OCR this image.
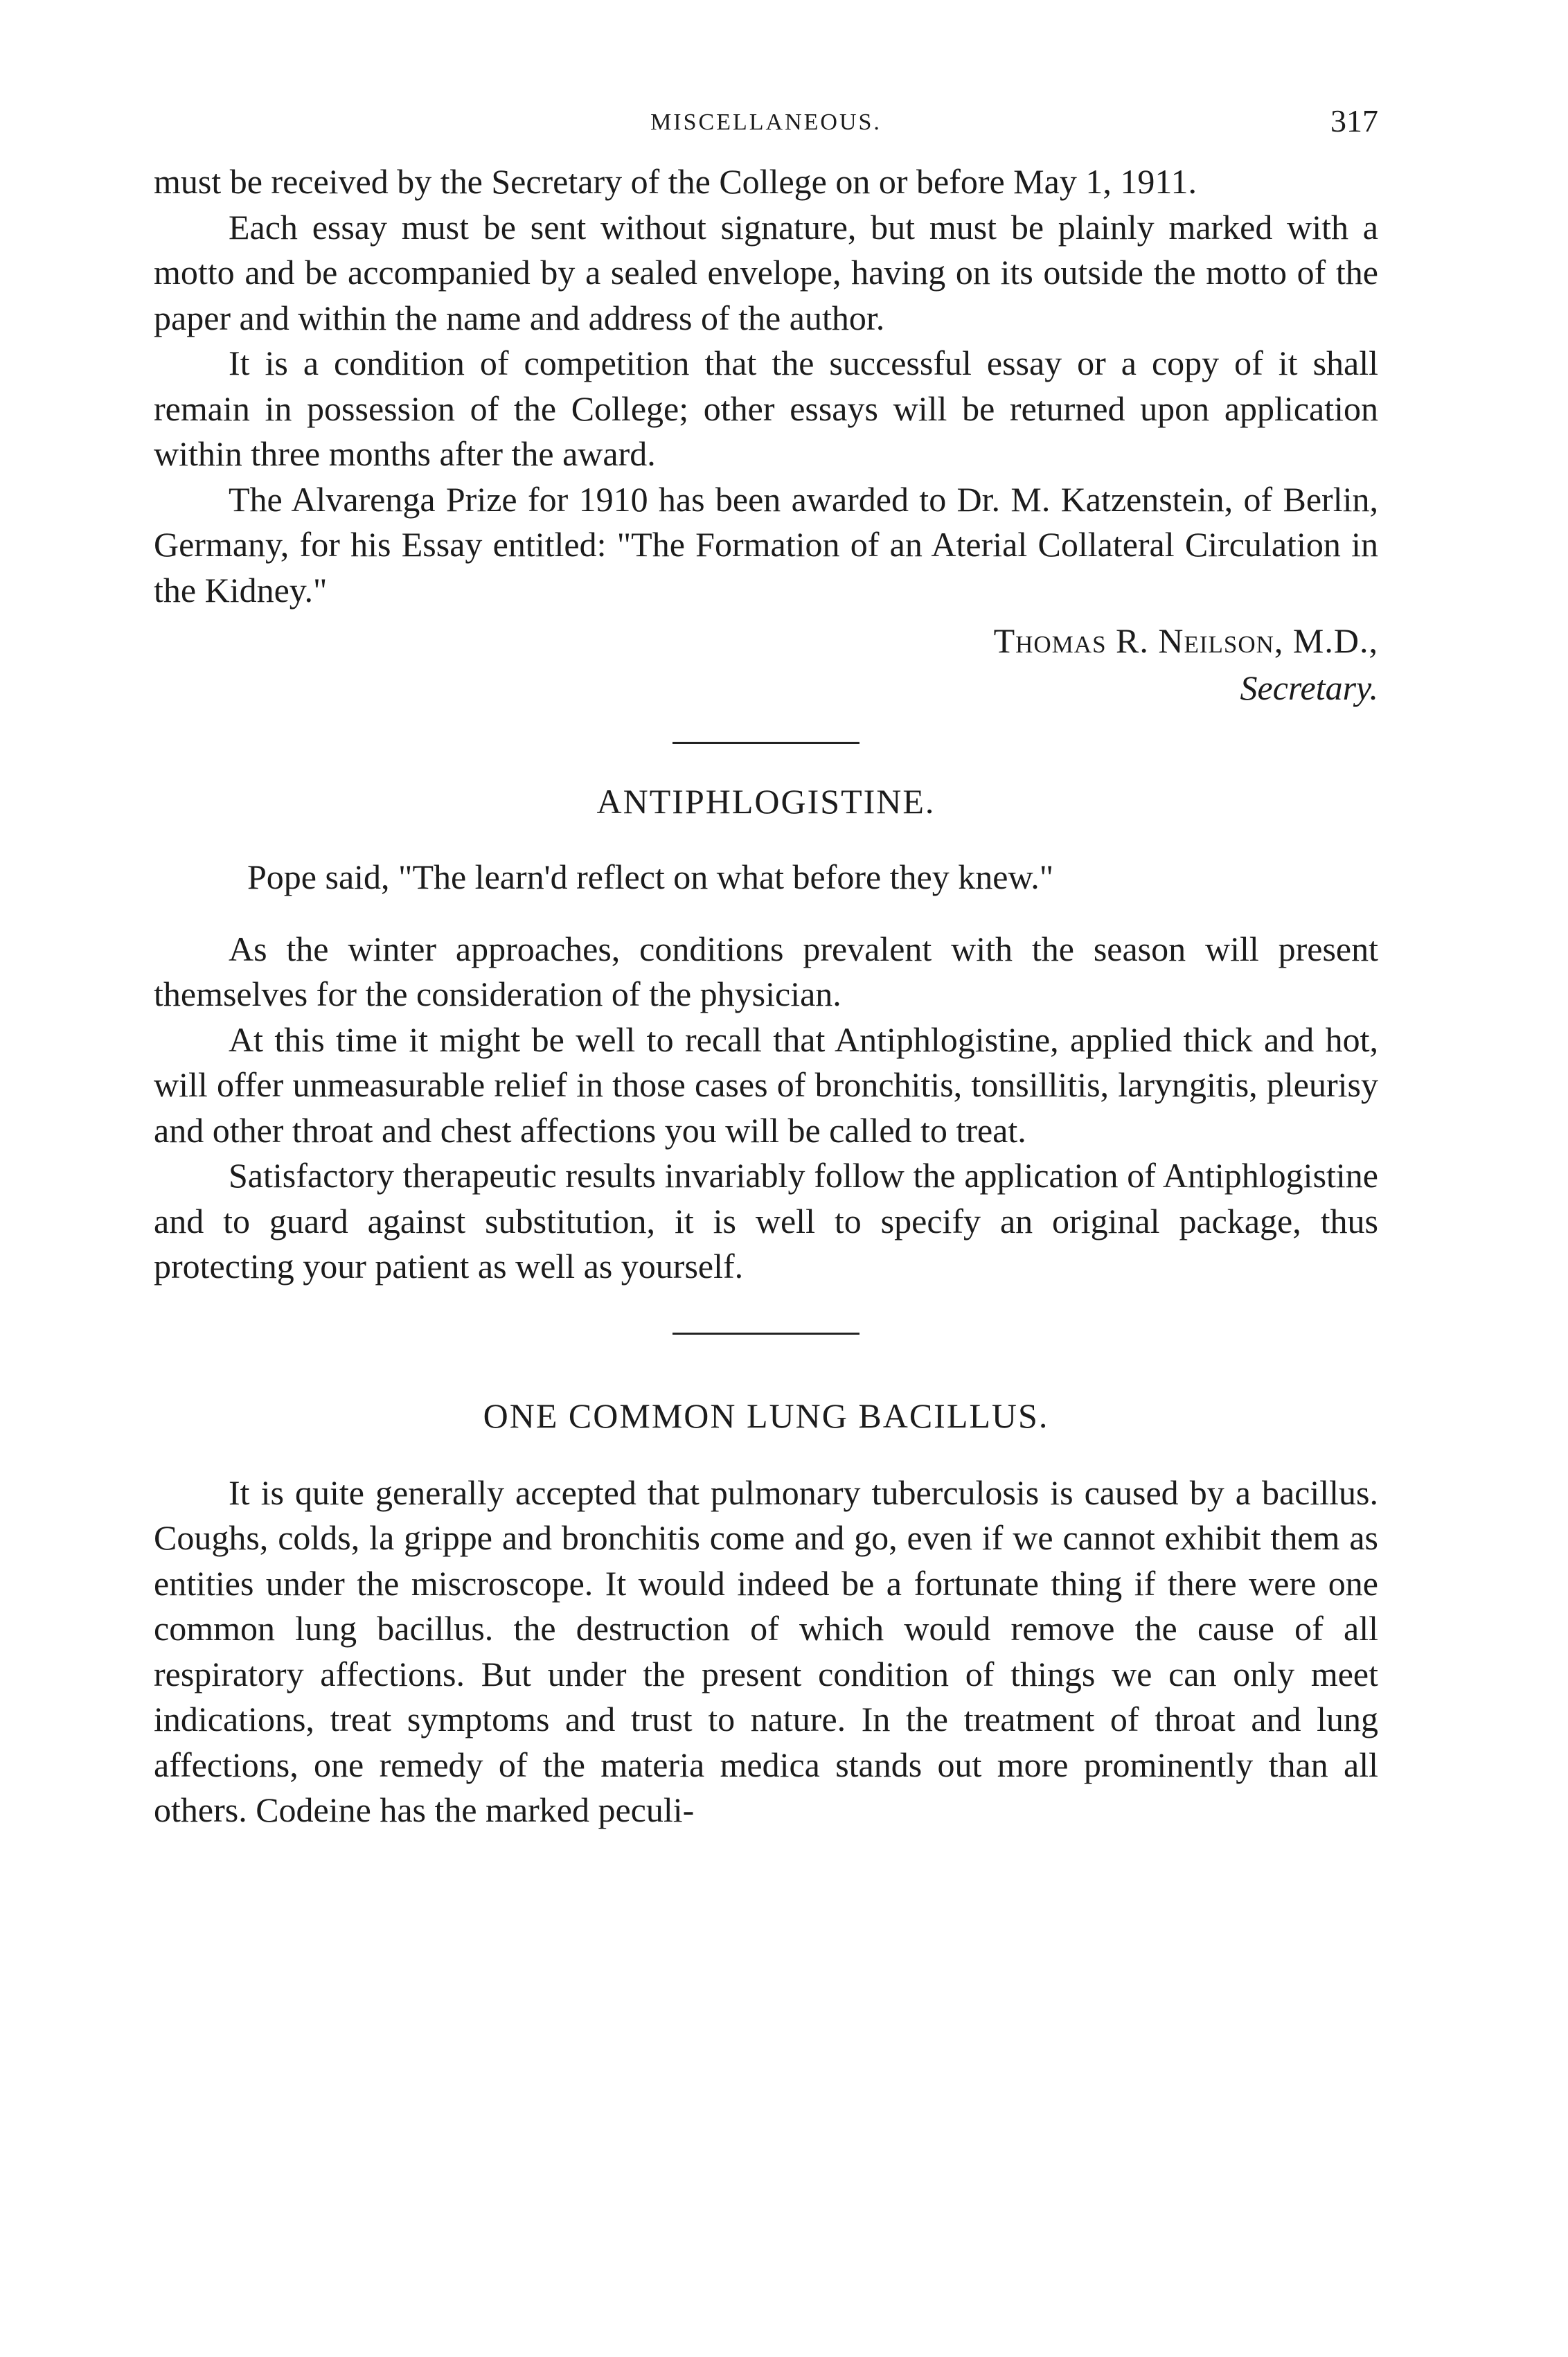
MISCELLANEOUS.	317

must be received by the Secretary of the College on or before May 1, 1911.

Each essay must be sent without signature, but must be plainly marked with a motto and be accompanied by a sealed envelope, having on its outside the motto of the paper and within the name and address of the author.

It is a condition of competition that the successful essay or a copy of it shall remain in possession of the College; other essays will be returned upon application within three months after the award.

The Alvarenga Prize for 1910 has been awarded to Dr. M. Katzenstein, of Berlin, Germany, for his Essay entitled: "The Formation of an Aterial Collateral Circulation in the Kidney."

Thomas R. Neilson, M.D.,
Secretary.
ANTIPHLOGISTINE.

Pope said, "The learn'd reflect on what before they knew."

As the winter approaches, conditions prevalent with the season will present themselves for the consideration of the physician.

At this time it might be well to recall that Antiphlogistine, applied thick and hot, will offer unmeasurable relief in those cases of bronchitis, tonsillitis, laryngitis, pleurisy and other throat and chest affections you will be called to treat.

Satisfactory therapeutic results invariably follow the application of Antiphlogistine and to guard against substitution, it is well to specify an original package, thus protecting your patient as well as yourself.

ONE COMMON LUNG BACILLUS.

It is quite generally accepted that pulmonary tuberculosis is caused by a bacillus. Coughs, colds, la grippe and bronchitis come and go, even if we cannot exhibit them as entities under the miscroscope. It would indeed be a fortunate thing if there were one common lung bacillus. the destruction of which would remove the cause of all respiratory affections. But under the present condition of things we can only meet indications, treat symptoms and trust to nature. In the treatment of throat and lung affections, one remedy of the materia medica stands out more prominently than all others. Codeine has the marked peculi-
